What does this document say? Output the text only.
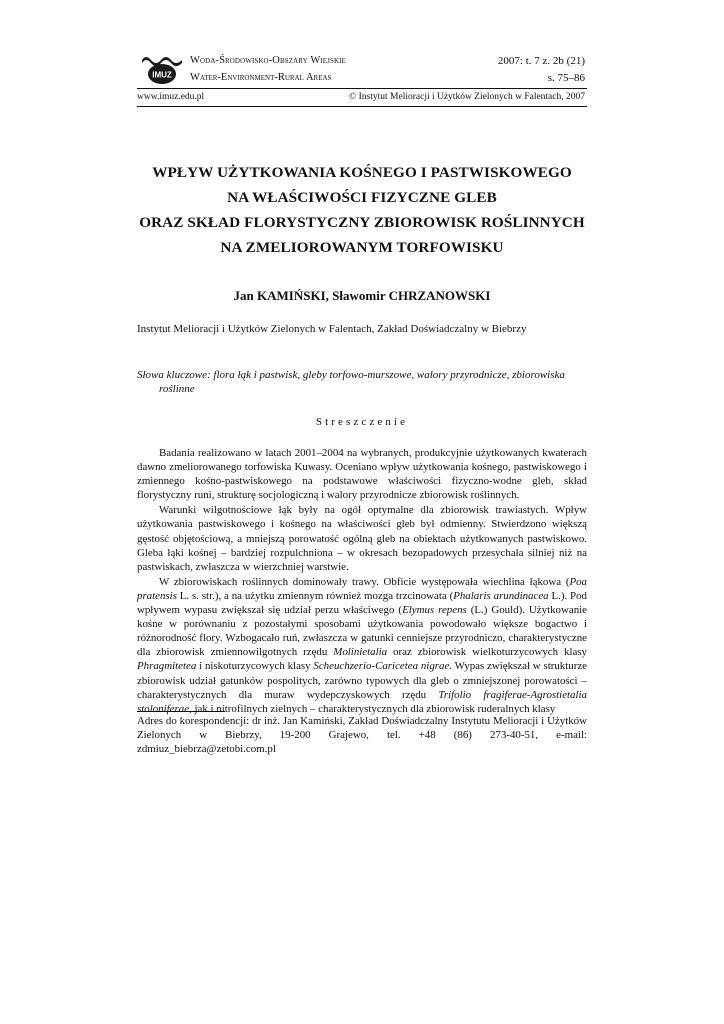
IMUZ
Woda-Środowisko-Obszary Wiejskie
Water-Environment-Rural Areas
2007: t. 7 z. 2b (21)
s. 75–86
www.imuz.edu.pl	© Instytut Melioracji i Użytków Zielonych w Falentach, 2007
WPŁYW UŻYTKOWANIA KOŚNEGO I PASTWISKOWEGO
NA WŁAŚCIWOŚCI FIZYCZNE GLEB
ORAZ SKŁAD FLORYSTYCZNY ZBIOROWISK ROŚLINNYCH
NA ZMELIOROWANYM TORFOWISKU
Jan KAMIŃSKI, Sławomir CHRZANOWSKI
Instytut Melioracji i Użytków Zielonych w Falentach, Zakład Doświadczalny w Biebrzy
Słowa kluczowe: flora łąk i pastwisk, gleby torfowo-murszowe, walory przyrodnicze, zbiorowiska
roślinne
Streszczenie

Badania realizowano w latach 2001–2004 na wybranych, produkcyjnie użytkowanych kwaterach dawno zmeliorowanego torfowiska Kuwasy. Oceniano wpływ użytkowania kośnego, pastwiskowego i zmiennego kośno-pastwiskowego na podstawowe właściwości fizyczno-wodne gleb, skład florystyczny runi, strukturę socjologiczną i walory przyrodnicze zbiorowisk roślinnych.

Warunki wilgotnościowe łąk były na ogół optymalne dla zbiorowisk trawiastych. Wpływ użytkowania pastwiskowego i kośnego na właściwości gleb był odmienny. Stwierdzono większą gęstość objętościową, a mniejszą porowatość ogólną gleb na obiektach użytkowanych pastwiskowo. Gleba łąki kośnej – bardziej rozpulchniona – w okresach bezopadowych przesychała silniej niż na pastwiskach, zwłaszcza w wierzchniej warstwie.

W zbiorowiskach roślinnych dominowały trawy. Obficie występowała wiechlina łąkowa (Poa pratensis L. s. str.), a na użytku zmiennym również mozga trzcinowata (Phalaris arundinacea L.). Pod wpływem wypasu zwiększał się udział perzu właściwego (Elymus repens (L.) Gould). Użytkowanie kośne w porównaniu z pozostałymi sposobami użytkowania powodowało większe bogactwo i różnorodność flory. Wzbogacało ruń, zwłaszcza w gatunki cenniejsze przyrodniczo, charakterystyczne dla zbiorowisk zmiennowilgotnych rzędu Molinietalia oraz zbiorowisk wielkoturzycowych klasy Phragmitetea i niskoturzycowych klasy Scheuchzerio-Caricetea nigrae. Wypas zwiększał w strukturze zbiorowisk udział gatunków pospolitych, zarówno typowych dla gleb o zmniejszonej porowatości – charakterystycznych dla muraw wydepczyskowych rzędu Trifolio fragiferae-Agrostietalia stoloniferae, jak i nitrofilnych zielnych – charakterystycznych dla zbiorowisk ruderalnych klasy

Adres do korespondencji: dr inż. Jan Kamiński, Zakład Doświadczalny Instytutu Melioracji i Użytków Zielonych w Biebrzy, 19-200 Grajewo, tel. +48 (86) 273-40-51, e-mail: zdmiuz_biebrza@zetobi.com.pl
